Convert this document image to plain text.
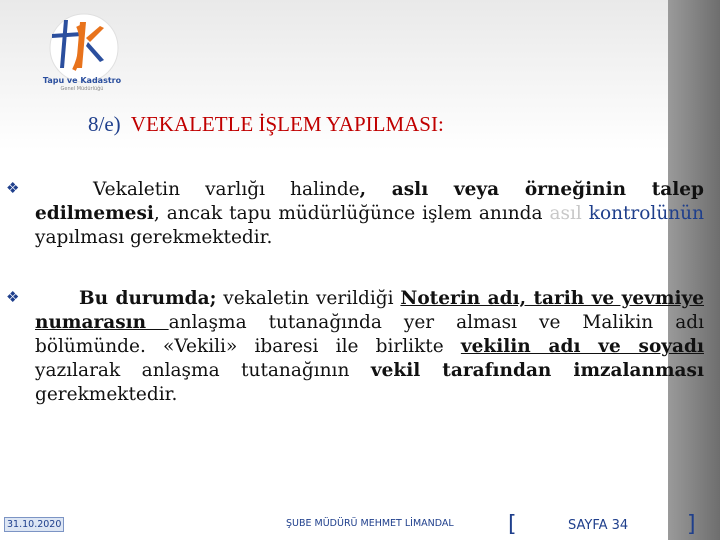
Tapu ve Kadastro
Genel Müdürlüğü
8/e) VEKALETLE İŞLEM YAPILMASI:
❖	Vekaletin varlığı halinde, aslı veya örneğinin talep edilmemesi, ancak tapu müdürlüğünce işlem anında asıl kontrolünün yapılması gerekmektedir.

❖	Bu durumda; vekaletin verildiği Noterin adı, tarih ve yevmiye numarasın anlaşma tutanağında yer alması ve Malikin adı bölümünde. «Vekili» ibaresi ile birlikte vekilin adı ve soyadı yazılarak anlaşma tutanağının vekil tarafından imzalanması gerekmektedir.

31.10.2020	ŞUBE MÜDÜRÜ MEHMET LİMANDAL [	SAYFA 34	]
